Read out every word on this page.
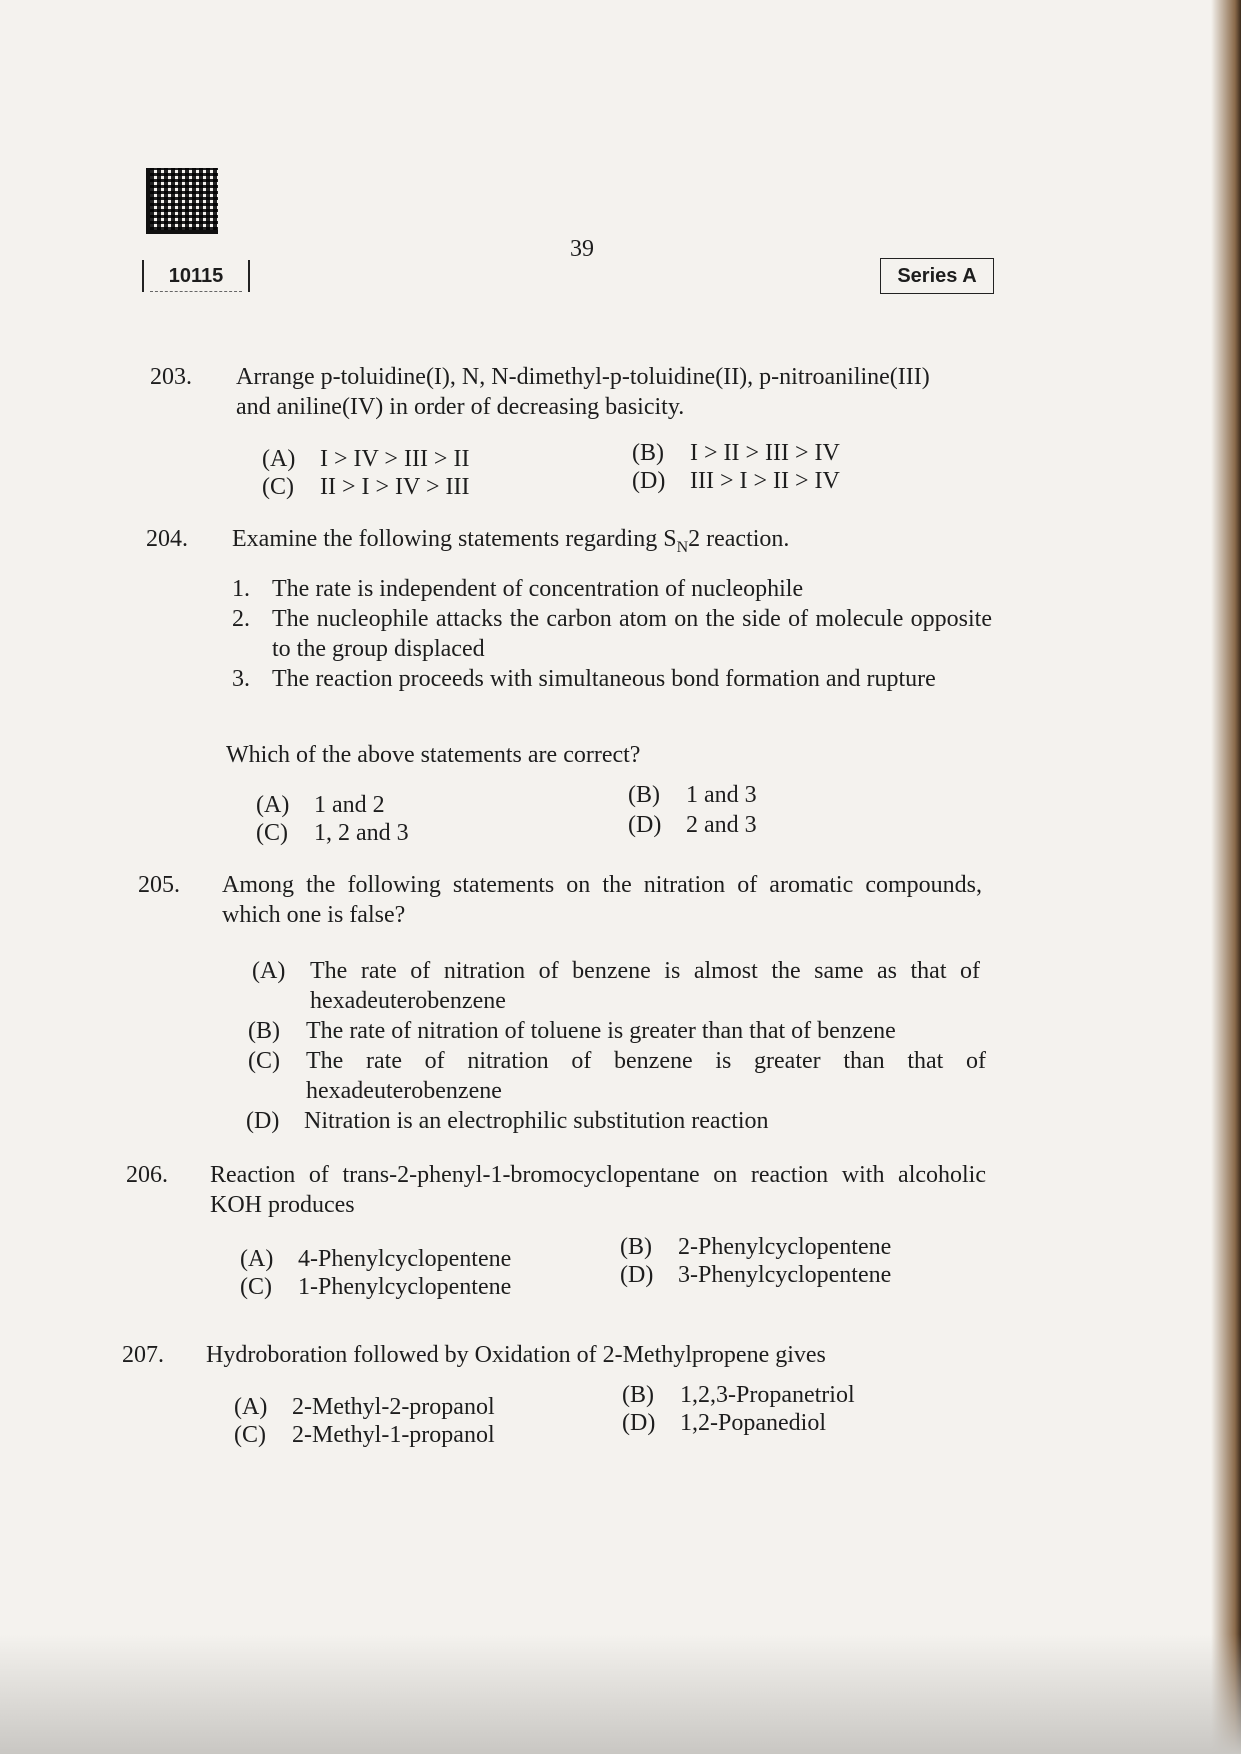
10115
39
Series A
203. Arrange p-toluidine(I), N, N-dimethyl-p-toluidine(II), p-nitroaniline(III) and aniline(IV) in order of decreasing basicity.
(A) I > IV > III > II	(B) I > II > III > IV
(C) II > I > IV > III	(D) III > I > II > IV
204. Examine the following statements regarding $S_N2$ reaction.
1. The rate is independent of concentration of nucleophile
2. The nucleophile attacks the carbon atom on the side of molecule opposite to the group displaced
3. The reaction proceeds with simultaneous bond formation and rupture
Which of the above statements are correct?
(A) 1 and 2	(B) 1 and 3
(C) 1, 2 and 3	(D) 2 and 3
205. Among the following statements on the nitration of aromatic compounds, which one is false?
(A) The rate of nitration of benzene is almost the same as that of hexadeuterobenzene
(B) The rate of nitration of toluene is greater than that of benzene
(C) The rate of nitration of benzene is greater than that of hexadeuterobenzene
(D) Nitration is an electrophilic substitution reaction
206. Reaction of trans-2-phenyl-1-bromocyclopentane on reaction with alcoholic KOH produces
(A) 4-Phenylcyclopentene	(B) 2-Phenylcyclopentene
(C) 1-Phenylcyclopentene	(D) 3-Phenylcyclopentene
207. Hydroboration followed by Oxidation of 2-Methylpropene gives
(A) 2-Methyl-2-propanol	(B) 1,2,3-Propanetriol
(C) 2-Methyl-1-propanol	(D) 1,2-Popanediol
